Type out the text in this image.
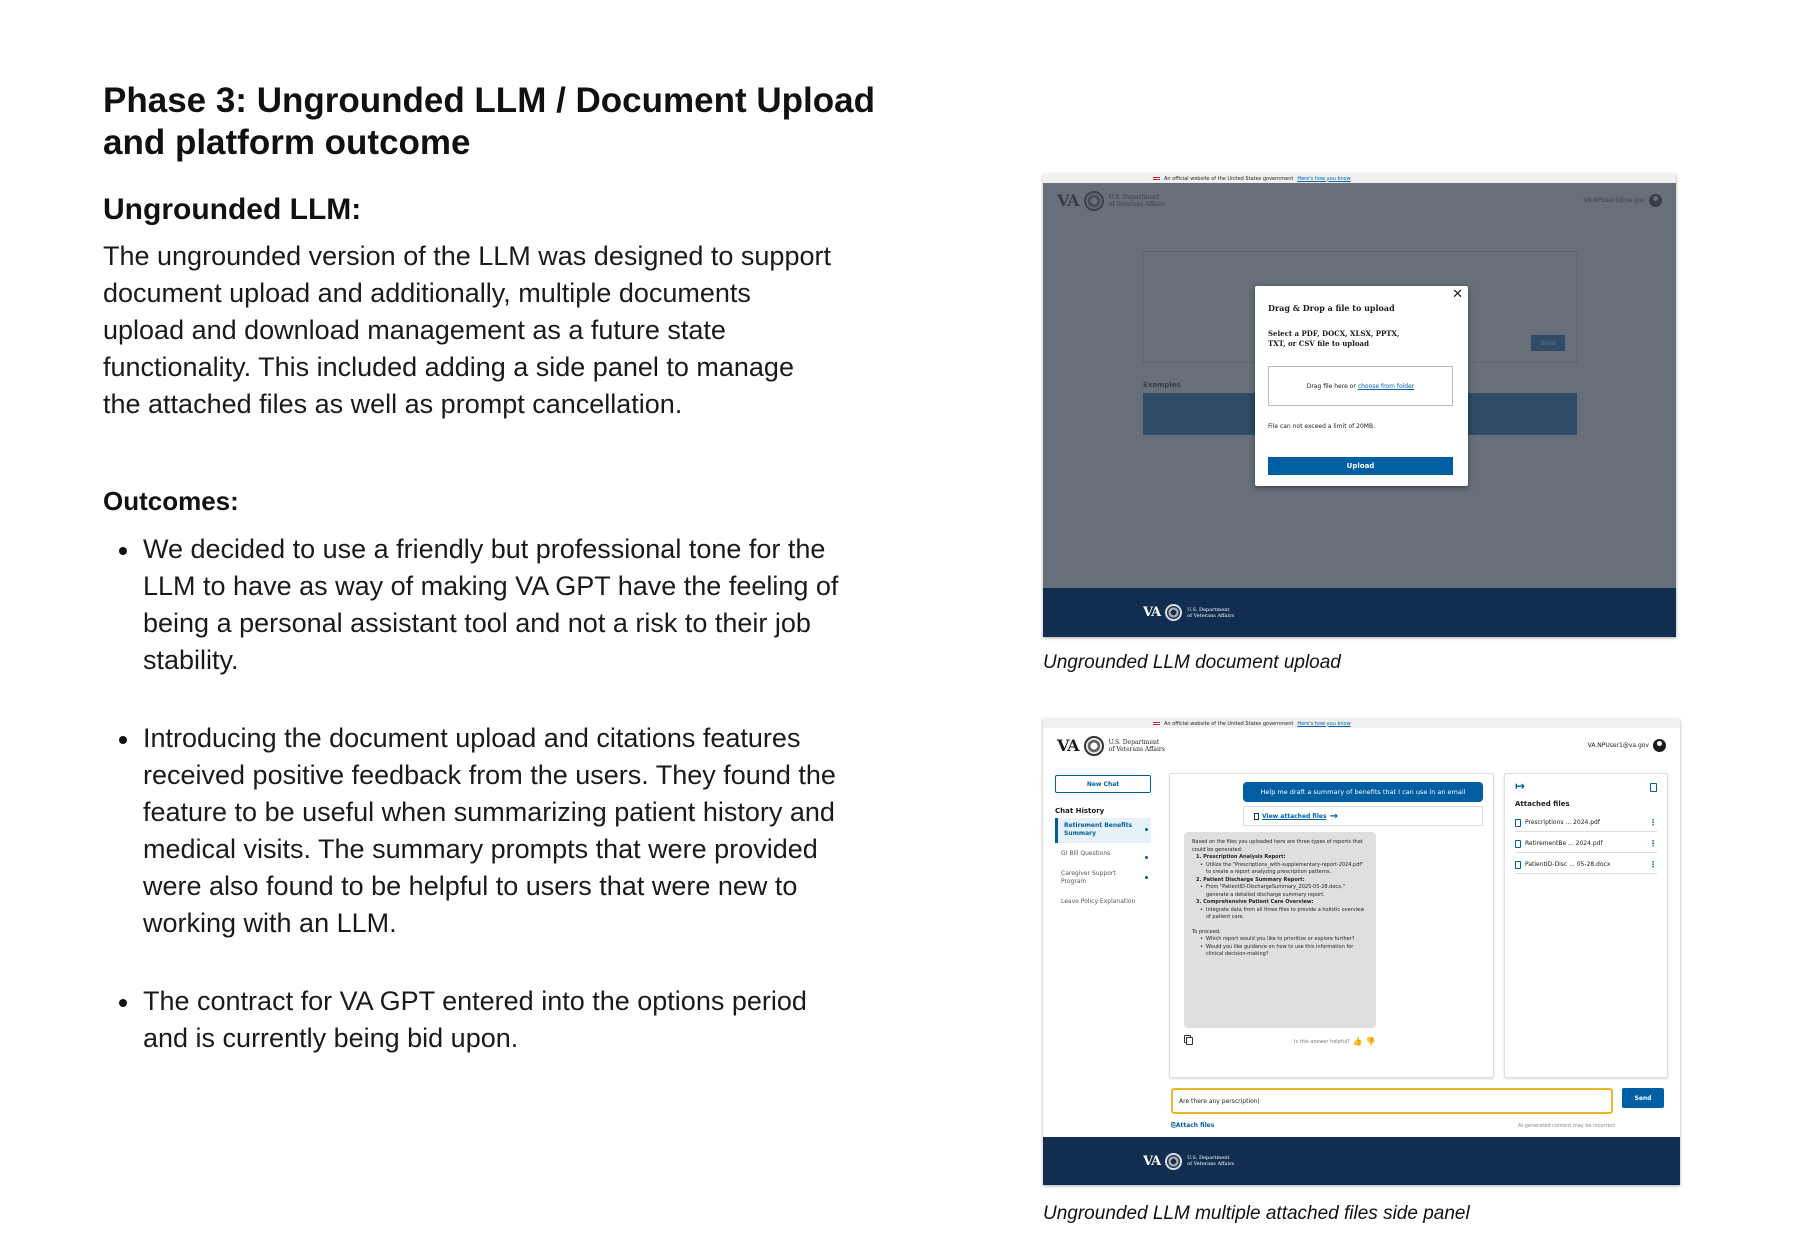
Phase 3: Ungrounded LLM / Document Upload and platform outcome
Ungrounded LLM:

The ungrounded version of the LLM was designed to support document upload and additionally, multiple documents upload and download management as a future state functionality. This included adding a side panel to manage the attached files as well as prompt cancellation.

Outcomes:
We decided to use a friendly but professional tone for the LLM to have as way of making VA GPT have the feeling of being a personal assistant tool and not a risk to their job stability.
Introducing the document upload and citations features received positive feedback from the users. They found the feature to be useful when summarizing patient history and medical visits. The summary prompts that were provided were also found to be helpful to users that were new to working with an LLM.
The contract for VA GPT entered into the options period and is currently being bid upon.
An official website of the United States government Here's how you know

✕
Drag & Drop a file to upload
Select a PDF, DOCX, XLSX, PPTX, TXT, or CSV file to upload
Drag file here or choose from folder
File can not exceed a limit of 20MB.
Upload
VA	U.S. Department
of Veterans Affairs
Ungrounded LLM document upload
An official website of the United States government Here's how you know
VA	U.S. Department
of Veterans Affairs	VA.NPUser1@va.gov
New Chat
Chat History
Retirement Benefits Summary
GI Bill Questions
Caregiver Support Program
Leave Policy Explanation
Help me draft a summary of benefits that I can use in an email
View attached files →
Based on the files you uploaded here are three types of reports that could be generated:
1. Prescription Analysis Report:
• Utilize the "Prescriptions_with-supplementary-report-2024.pdf" to create a report analyzing prescription patterns.
2. Patient Discharge Summary Report:
• From "PatientID-DischargeSummary_2025-05-28.docx," generate a detailed discharge summary report.
3. Comprehensive Patient Care Overview:
• Integrate data from all three files to provide a holistic overview of patient care.
To proceed,
• Which report would you like to prioritize or explore further?
• Would you like guidance on how to use this information for clinical decision-making?
Is this answer helpful? 👍 👎
↦
Attached files
Prescriptions ... 2024.pdf	⋮
RetirementBe ... 2024.pdf	⋮
PatientID-Disc ... 05-28.docx	⋮
Are there any perscription |	Send
⎘Attach files	AI-generated content may be incorrect
VA	U.S. Department
of Veterans Affairs
Ungrounded LLM multiple attached files side panel
